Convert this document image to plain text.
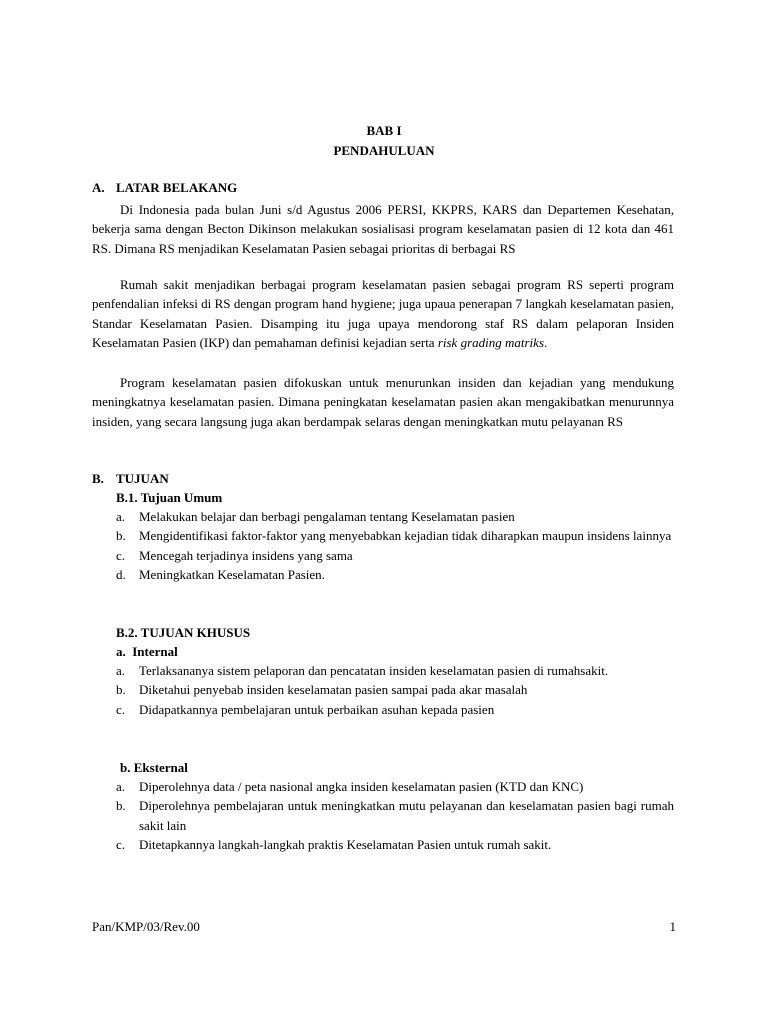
BAB I
PENDAHULUAN
A. LATAR BELAKANG

Di Indonesia pada bulan Juni s/d Agustus 2006 PERSI, KKPRS, KARS dan Departemen Kesehatan, bekerja sama dengan Becton Dikinson melakukan sosialisasi program keselamatan pasien di 12 kota dan 461 RS. Dimana RS menjadikan Keselamatan Pasien sebagai prioritas di berbagai RS

Rumah sakit menjadikan berbagai program keselamatan pasien sebagai program RS seperti program penfendalian infeksi di RS dengan program hand hygiene; juga upaua penerapan 7 langkah keselamatan pasien, Standar Keselamatan Pasien. Disamping itu juga upaya mendorong staf RS dalam pelaporan Insiden Keselamatan Pasien (IKP) dan pemahaman definisi kejadian serta risk grading matriks.

Program keselamatan pasien difokuskan untuk menurunkan insiden dan kejadian yang mendukung meningkatnya keselamatan pasien. Dimana peningkatan keselamatan pasien akan mengakibatkan menurunnya insiden, yang secara langsung juga akan berdampak selaras dengan meningkatkan mutu pelayanan RS

B. TUJUAN
B.1. Tujuan Umum
a. Melakukan belajar dan berbagi pengalaman tentang Keselamatan pasien
b. Mengidentifikasi faktor-faktor yang menyebabkan kejadian tidak diharapkan maupun insidens lainnya
c. Mencegah terjadinya insidens yang sama
d. Meningkatkan Keselamatan Pasien.
B.2. TUJUAN KHUSUS
a.  Internal
a. Terlaksananya sistem pelaporan dan pencatatan insiden keselamatan pasien di rumahsakit.
b. Diketahui penyebab insiden keselamatan pasien sampai pada akar masalah
c. Didapatkannya pembelajaran untuk perbaikan asuhan kepada pasien
b. Eksternal
a. Diperolehnya data / peta nasional angka insiden keselamatan pasien (KTD dan KNC)
b. Diperolehnya pembelajaran untuk meningkatkan mutu pelayanan dan keselamatan pasien bagi rumah sakit lain
c. Ditetapkannya langkah-langkah praktis Keselamatan Pasien untuk rumah sakit.
Pan/KMP/03/Rev.00	1
